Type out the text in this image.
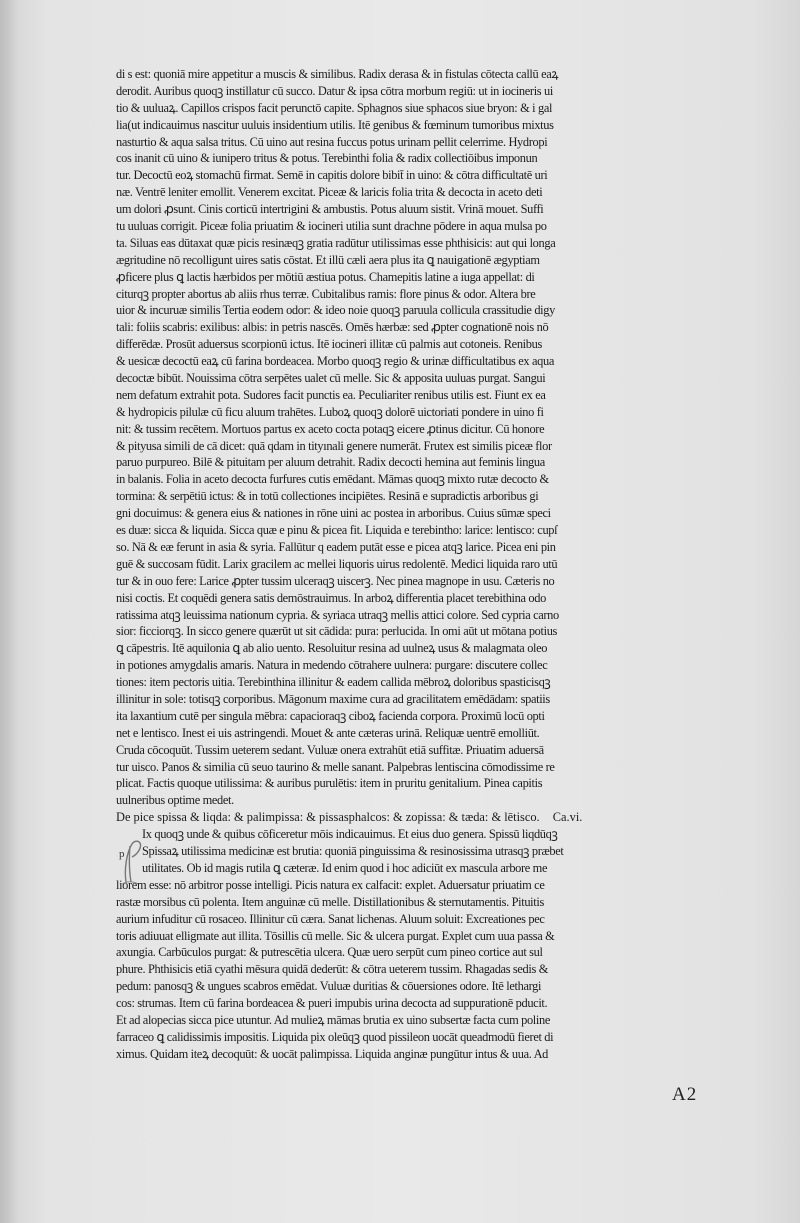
di s est: quoniā mire appetitur a muscis & similibus. Radix derasa & in fistulas cōtecta callū eaꝝ
derodit. Auribus quoqꝫ instillatur cū succo. Datur & ipsa cōtra morbum regiū: ut in iocineris ui
tio & uuluaꝝ. Capillos crispos facit perunctō capite. Sphagnos siue sphacos siue bryon: & i gal
lia(ut indicauimus nascitur uuluis insidentium utilis. Itē genibus & fœminum tumoribus mixtus
nasturtio & aqua salsa tritus. Cū uino aut resina fuccus potus urinam pellit celerrime. Hydropi
cos inanit cū uino & iunipero tritus & potus. Terebinthi folia & radix collectiōibus imponun
tur. Decoctū eoꝝ stomachū firmat. Semē in capitis dolore bibit̄ in uino: & cōtra difficultatē uri
næ. Ventrē leniter emollit. Venerem excitat. Piceæ & laricis folia trita & decocta in aceto deti
um dolori ꝓsunt. Cinis corticū intertrigini & ambustis. Potus aluum sistit. Vrinā mouet. Suffi
tu uuluas corrigit. Piceæ folia priuatim & iocineri utilia sunt drachne pōdere in aqua mulsa po
ta. Siluas eas dūtaxat quæ picis resinæqꝫ gratia radūtur utilissimas esse phthisicis: aut qui longa
ægritudine nō recolligunt uires satis cōstat. Et illū cæli aera plus ita ꝗ nauigationē ægyptiam
ꝓficere plus ꝗ lactis hærbidos per mōtiū æstiua potus. Chamepitis latine a iuga appellat: di
citurqꝫ propter abortus ab aliis rhus terræ. Cubitalibus ramis: flore pinus & odor. Altera bre
uior & incuruæ similis Tertia eodem odor: & ideo noie quoqꝫ paruula collicula crassitudie digy
tali: foliis scabris: exilibus: albis: in petris nascēs. Omēs hærbæ: sed ꝓpter cognationē nois nō
differēdæ. Prosūt aduersus scorpionū ictus. Itē iocineri illitæ cū palmis aut cotoneis. Renibus
& uesicæ decoctū eaꝝ cū farina bordeacea. Morbo quoqꝫ regio & urinæ difficultatibus ex aqua
decoctæ bibūt. Nouissima cōtra serpētes ualet cū melle. Sic & apposita uuluas purgat. Sangui
nem defatum extrahit pota. Sudores facit punctis ea. Peculiariter renibus utilis est. Fiunt ex ea
& hydropicis pilulæ cū ficu aluum trahētes. Luboꝝ quoqꝫ dolorē uictoriati pondere in uino fi
nit: & tussim recētem. Mortuos partus ex aceto cocta potaqꝫ eicere ꝓtinus dicitur. Cū honore
& pityusa simili de cā dicet: quā qdam in tityınali genere numerāt. Frutex est similis piceæ flor
paruo purpureo. Bilē & pituitam per aluum detrahit. Radix decocti hemina aut feminis lingua
in balanis. Folia in aceto decocta furfures cutis emēdant. Māmas quoqꝫ mixto rutæ decocto &
tormina: & serpētiū ictus: & in totū collectiones incipiētes. Resinā e supradictis arboribus gi
gni docuimus: & genera eius & nationes in rōne uini ac postea in arboribus. Cuius sūmæ speci
es duæ: sicca & liquida. Sicca quæ e pinu & picea fit. Liquida e terebintho: larice: lentisco: cupſ
so. Nā & eæ ferunt in asia & syria. Fallūtur q eadem putāt esse e picea atqꝫ larice. Picea eni pin
guē & succosam fūdit. Larix gracilem ac mellei liquoris uirus redolentē. Medici liquida raro utū
tur & in ouo fere: Larice ꝓpter tussim ulceraqꝫ uiscerꝫ. Nec pinea magnope in usu. Cæteris no
nisi coctis. Et coquēdi genera satis demōstrauimus. In arboꝝ differentia placet terebithina odo
ratissima atqꝫ leuissima nationum cypria. & syriaca utraqꝫ mellis attici colore. Sed cypria carno
sior: ficciorqꝫ. In sicco genere quærūt ut sit cādida: pura: perlucida. In omi aūt ut mōtana potius
ꝗ cāpestris. Itē aquilonia ꝗ ab alio uento. Resoluitur resina ad uulneꝝ usus & malagmata oleo
in potiones amygdalis amaris. Natura in medendo cōtrahere uulnera: purgare: discutere collec
tiones: item pectoris uitia. Terebinthina illinitur & eadem callida mēbroꝝ doloribus spasticisqꝫ
illinitur in sole: totisqꝫ corporibus. Māgonum maxime cura ad gracilitatem emēdādam: spatiis
ita laxantium cutē per singula mēbra: capacioraqꝫ ciboꝝ facienda corpora. Proximū locū opti
net e lentisco. Inest ei uis astringendi. Mouet & ante cæteras urinā. Reliquæ uentrē emolliūt.
Cruda cōcoquūt. Tussim ueterem sedant. Vuluæ onera extrahūt etiā suffitæ. Priuatim aduersā
tur uisco. Panos & similia cū seuo taurino & melle sanant. Palpebras lentiscina cōmodissime re
plicat. Factis quoque utilissima: & auribus purulētis: item in pruritu genitalium. Pinea capitis
uulneribus optime medet.
De pice spissa & liqda: & palimpissa: & pissasphalcos: & zopissa: & tæda: & lētisco. Ca.vi.
Ix quoqꝫ unde & quibus cōficeretur mōis indicauimus. Et eius duo genera. Spissū liqdūqꝫ
Spissaꝝ utilissima medicinæ est brutia: quoniā pinguissima & resinosissima utrasqꝫ præbet
utilitates. Ob id magis rutila ꝗ cæteræ. Id enim quod i hoc adiciūt ex mascula arbore me
liorem esse: nō arbitror posse intelligi. Picis natura ex calfacit: explet. Aduersatur priuatim ce
rastæ morsibus cū polenta. Item anguinæ cū melle. Distillationibus & sternutamentis. Pituitis
aurium infuditur cū rosaceo. Illinitur cū cæra. Sanat lichenas. Aluum soluit: Excreationes pec
toris adiuuat elligmate aut illita. Tōsillis cū melle. Sic & ulcera purgat. Explet cum uua passa &
axungia. Carbūculos purgat: & putrescētia ulcera. Quæ uero serpūt cum pineo cortice aut sul
phure. Phthisicis etiā cyathi mēsura quidā dederūt: & cōtra ueterem tussim. Rhagadas sedis &
pedum: panosqꝫ & ungues scabros emēdat. Vuluæ duritias & cōuersiones odore. Itē lethargi
cos: strumas. Item cū farina bordeacea & pueri impubis urina decocta ad suppurationē pducit.
Et ad alopecias sicca pice utuntur. Ad mulieꝝ māmas brutia ex uino subsertæ facta cum poline
farraceo ꝗ calidissimis impositis. Liquida pix oleūqꝫ quod pissileon uocāt queadmodū fieret di
ximus. Quidam iteꝝ decoquūt: & uocāt palimpissa. Liquida anginæ pungūtur intus & uua. Ad
p
A2
